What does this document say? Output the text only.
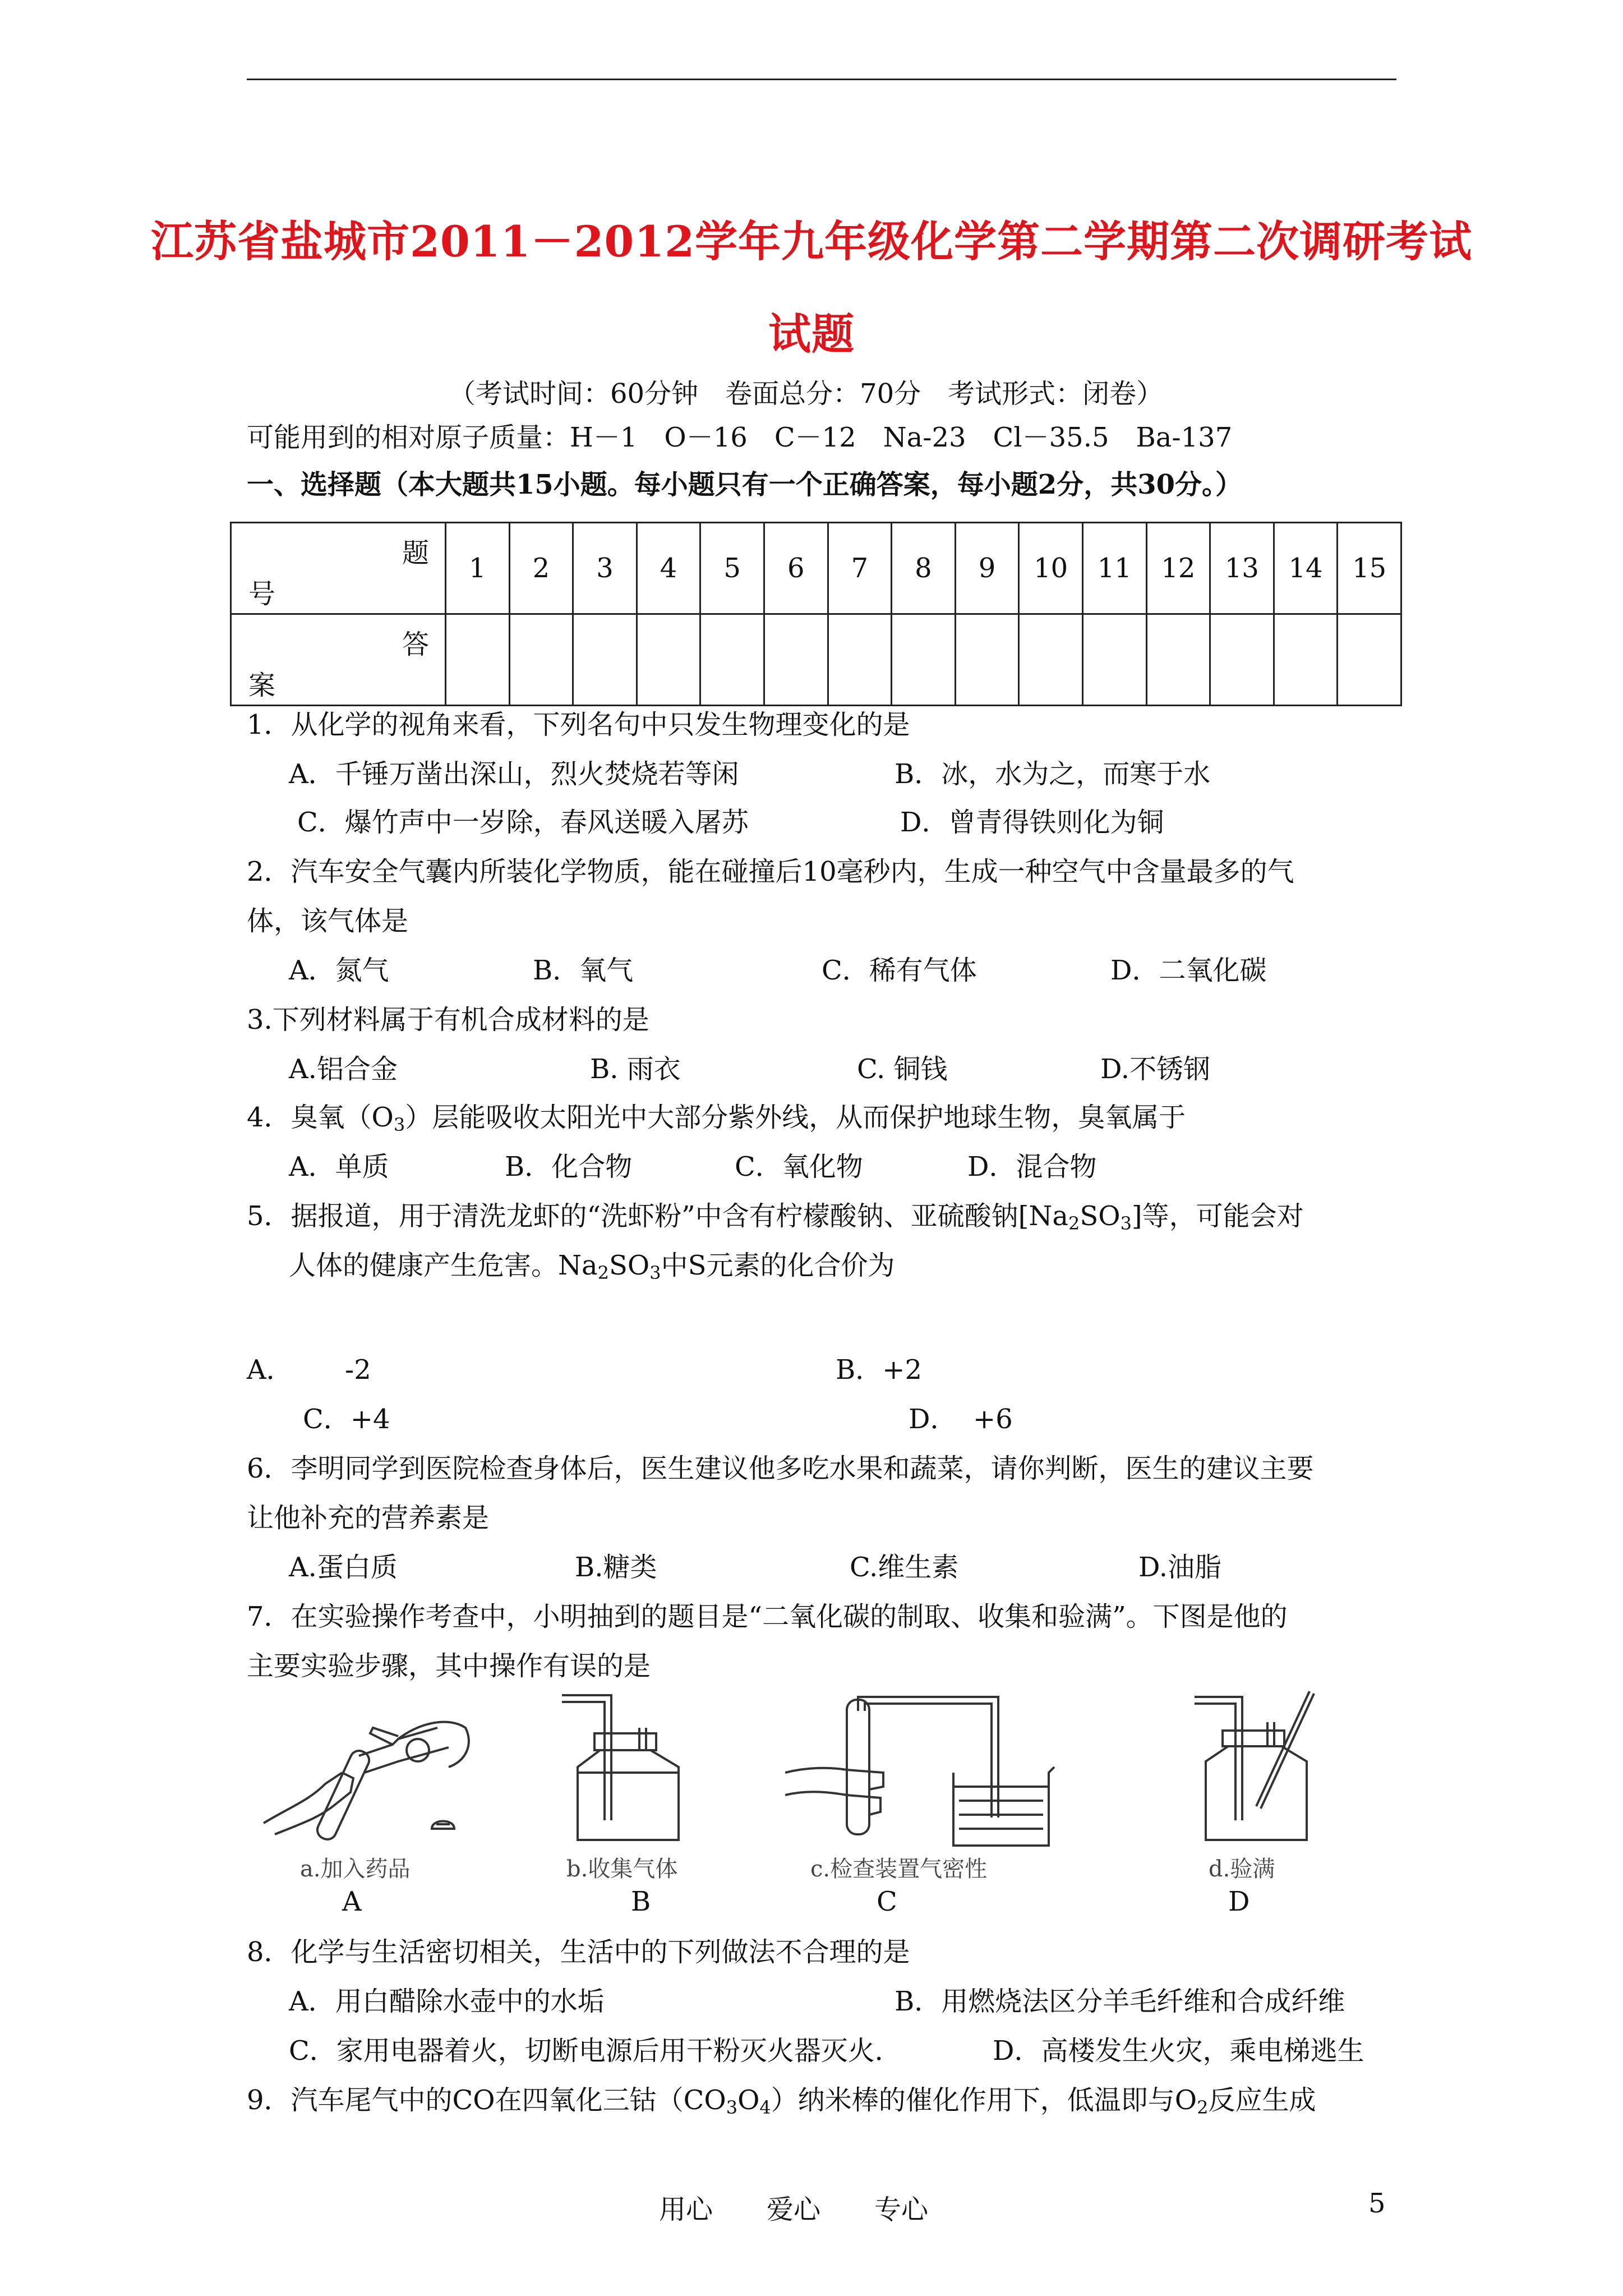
江苏省盐城市2011－2012学年九年级化学第二学期第二次调研考试
试题
（考试时间：60分钟　卷面总分：70分　考试形式：闭卷）
可能用到的相对原子质量：H－1　O－16　C－12　Na-23　Cl－35.5　Ba-137
一、选择题（本大题共15小题。每小题只有一个正确答案，每小题2分，共30分。）
题
号	1	2	3	4	5	6	7	8	9	10	11	12	13	14	15

答
案															

1．从化学的视角来看，下列名句中只发生物理变化的是
A．千锤万凿出深山，烈火焚烧若等闲	B．冰，水为之，而寒于水
C．爆竹声中一岁除，春风送暖入屠苏	D．曾青得铁则化为铜
2．汽车安全气囊内所装化学物质，能在碰撞后10毫秒内，生成一种空气中含量最多的气
体，该气体是
A．氮气	B．氧气	C．稀有气体	D．二氧化碳
3.下列材料属于有机合成材料的是
A.铝合金	B. 雨衣	C. 铜钱	D.不锈钢
4．臭氧$(O_3)$层能吸收太阳光中大部分紫外线，从而保护地球生物，臭氧属于
A．单质	B．化合物	C．氧化物	D．混合物
5．据报道，用于清洗龙虾的“洗虾粉”中含有柠檬酸钠、亚硫酸钠$[Na_2SO_3]$等，可能会对
人体的健康产生危害。$Na_2SO_3$中S元素的化合价为
A． -2	B．+2
C．+4	D． +6
6．李明同学到医院检查身体后，医生建议他多吃水果和蔬菜，请你判断，医生的建议主要
让他补充的营养素是
A.蛋白质	B.糖类	C.维生素	D.油脂
7．在实验操作考查中，小明抽到的题目是“二氧化碳的制取、收集和验满”。下图是他的
主要实验步骤，其中操作有误的是
a.加入药品	b.收集气体	c.检查装置气密性	d.验满
A	B	C	D
8．化学与生活密切相关，生活中的下列做法不合理的是
A．用白醋除水壶中的水垢	B．用燃烧法区分羊毛纤维和合成纤维
C．家用电器着火，切断电源后用干粉灭火器灭火．	D．高楼发生火灾，乘电梯逃生
9．汽车尾气中的CO在四氧化三钴$(CO_3O_4)$纳米棒的催化作用下，低温即与$O_2$反应生成
用心　　爱心　　专心	5
